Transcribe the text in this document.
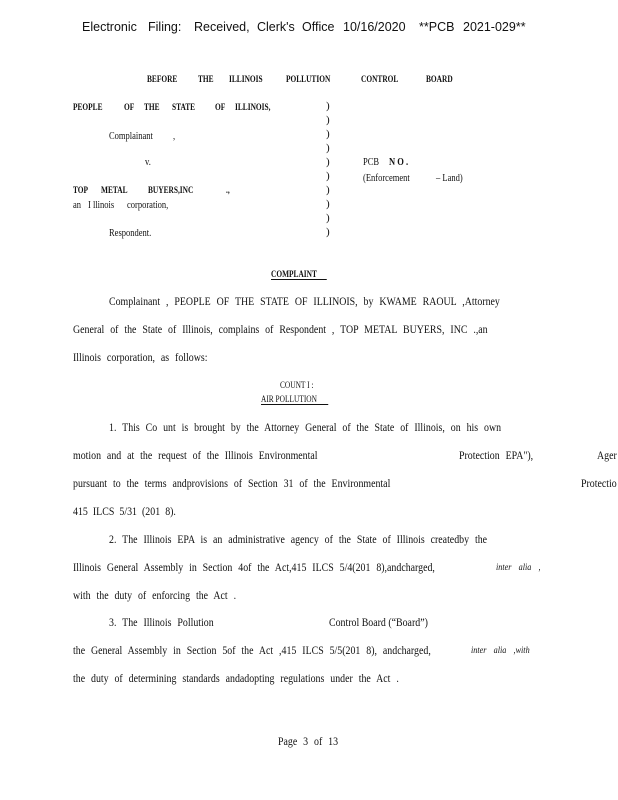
Electronic Filing: Received, Clerk's Office 10/16/2020 **PCB 2021-029**
BEFORE THE ILLINOIS	POLLUTION	CONTROL	BOARD
PEOPLE OF THE STATE OF ILLINOIS,
Complainant ,
v.
TOP METAL BUYERS,INC	.,
an I llinois corporation,
Respondent.
)
)
)
)
)
)
)
)
)
)
PCB N O .
(Enforcement	– Land)
COMPLAINT
Complainant , PEOPLE OF THE STATE OF ILLINOIS, by KWAME RAOUL ,Attorney
General of the State of Illinois, complains of Respondent , TOP METAL BUYERS, INC .,an
Illinois corporation, as follows:
COUNT I :
AIR POLLUTION
1. This Co unt is brought by the Attorney General of the State of Illinois, on his own
motion and at the request of the Illinois Environmental	Protection EPA"),	Ager
pursuant to the terms andprovisions of Section 31 of the Environmental	Protectio
415 ILCS 5/31 (201 8).
2. The Illinois EPA is an administrative agency of the State of Illinois createdby the
Illinois General Assembly in Section 4of the Act,415 ILCS 5/4(201 8),andcharged,	inter alia ,
with the duty of enforcing the Act .
3. The Illinois Pollution	Control Board (“Board”)
the General Assembly in Section 5of the Act ,415 ILCS 5/5(201 8), andcharged,	inter alia ,with
the duty of determining standards andadopting regulations under the Act .
Page 3 of 13
